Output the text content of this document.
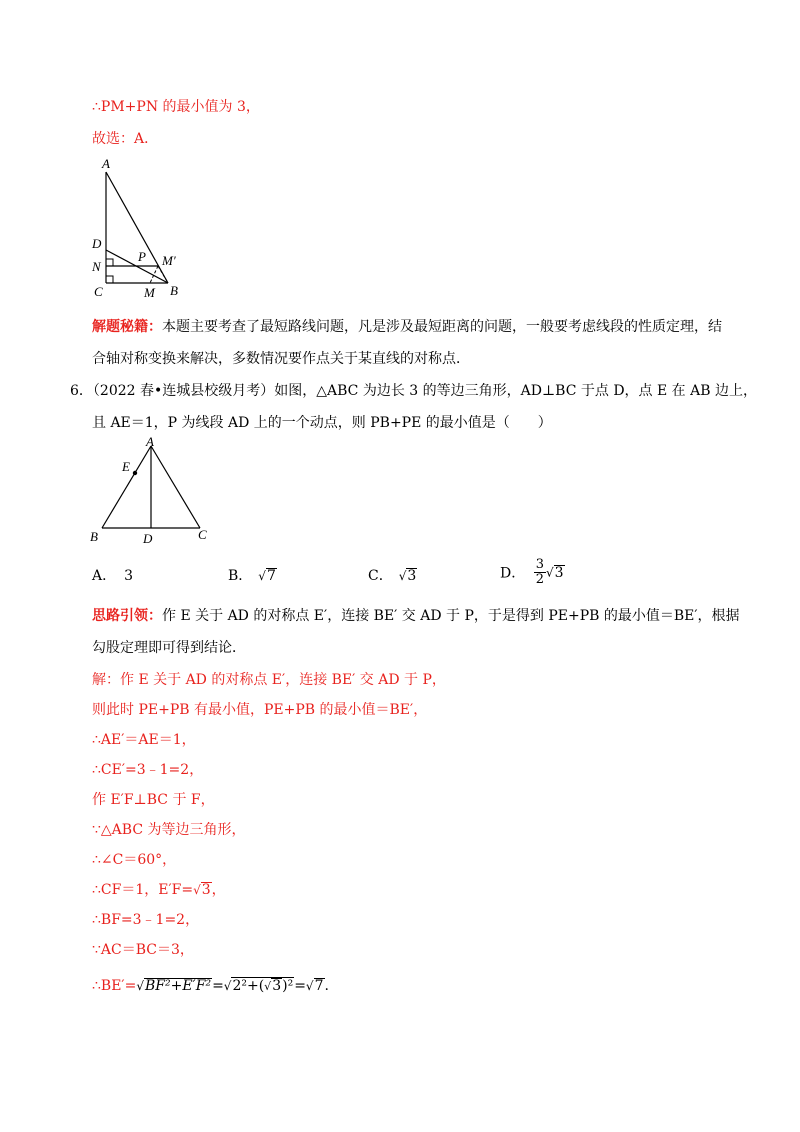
∴PM+PN 的最小值为 3，
故选：A．
A
D
P M′
N
C	M B
解题秘籍：本题主要考查了最短路线问题，凡是涉及最短距离的问题，一般要考虑线段的性质定理，结
合轴对称变换来解决，多数情况要作点关于某直线的对称点．
6．（2022 春•连城县校级月考）如图，△ABC 为边长 3 的等边三角形，AD⊥BC 于点 D，点 E 在 AB 边上，
且 AE＝1，P 为线段 AD 上的一个动点，则 PB+PE 的最小值是（　　）
A
E
B	D	C
A． 3	B． √7	C． √3	D． $\frac{3}{2} √3$
思路引领：作 E 关于 AD 的对称点 E′，连接 BE′ 交 AD 于 P，于是得到 PE+PB 的最小值＝BE′，根据
勾股定理即可得到结论．
解：作 E 关于 AD 的对称点 E′，连接 BE′ 交 AD 于 P，
则此时 PE+PB 有最小值，PE+PB 的最小值＝BE′，
∴AE′＝AE＝1，
∴CE′=3﹣1=2，
作 E′F⊥BC 于 F，
∵△ABC 为等边三角形，
∴∠C＝60°，
∴CF＝1，E′F=√3，
∴BF=3﹣1=2，
∵AC＝BC＝3，
∴BE′=√BF²+E′F²=√2²+(√3)²=√7.
